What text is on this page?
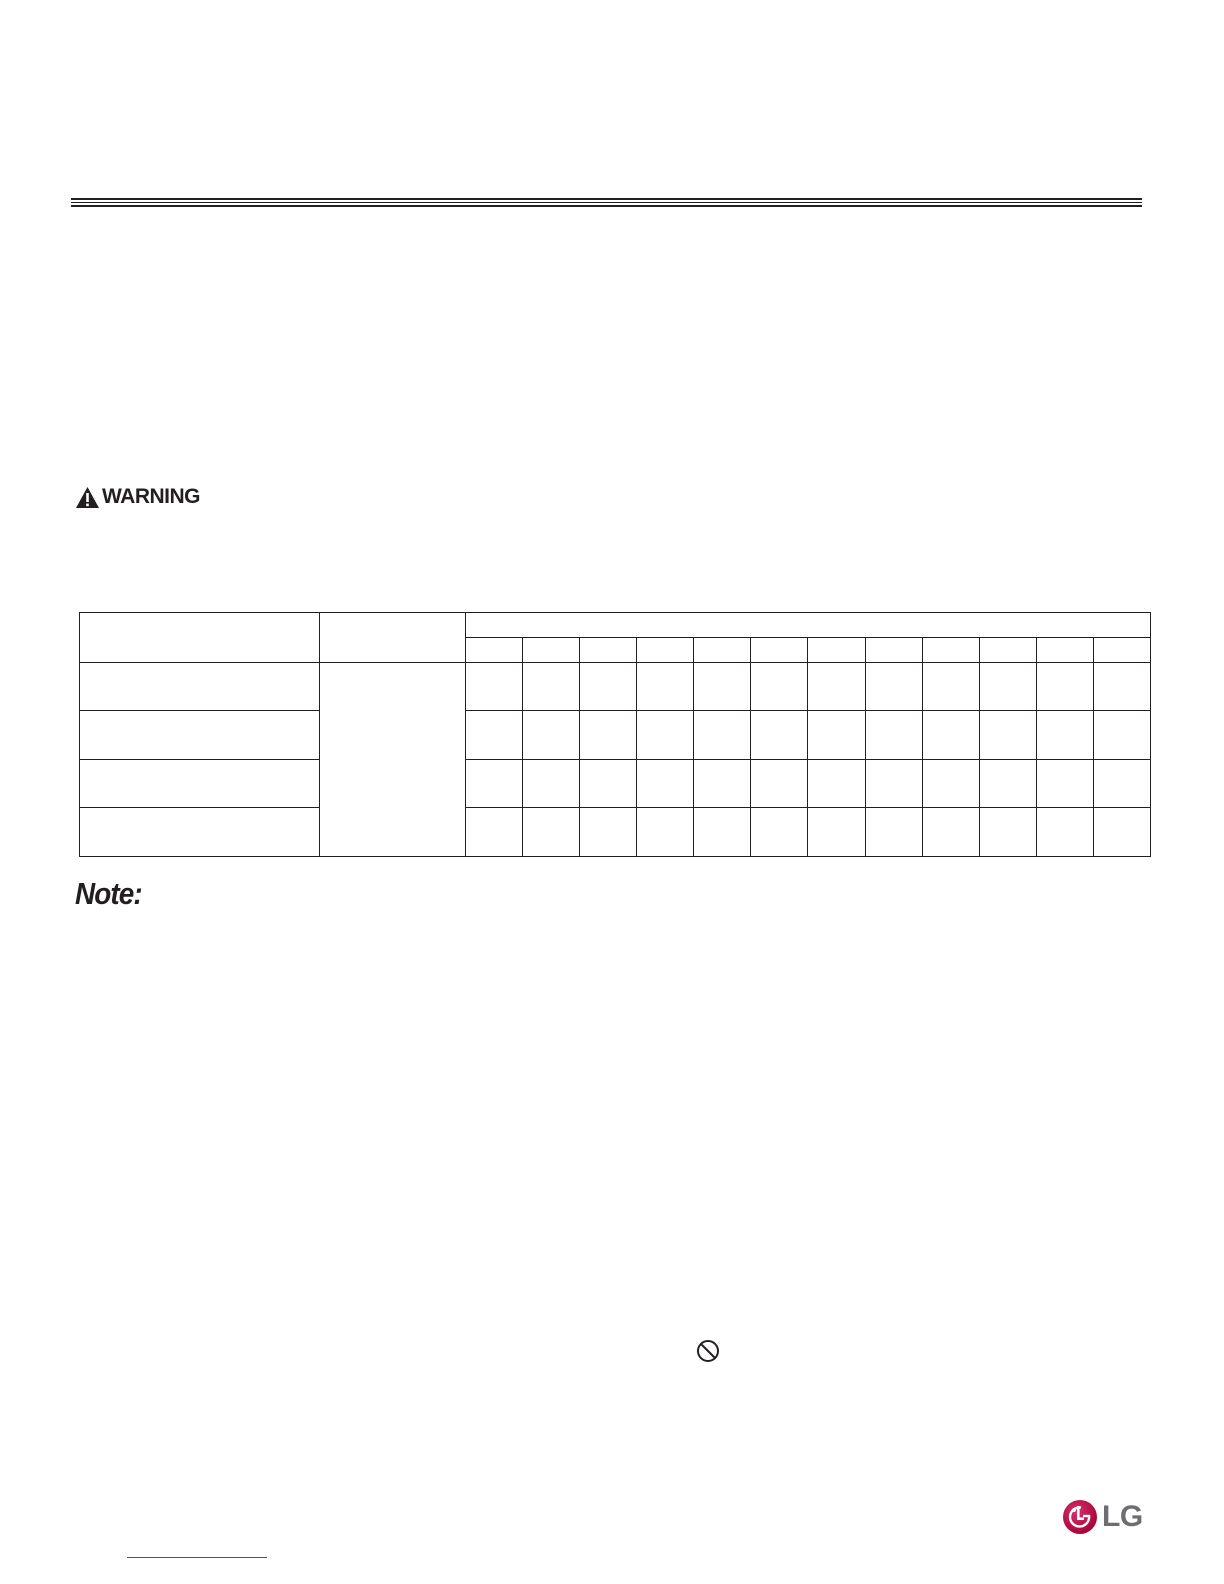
WARNING

Note:
LG
